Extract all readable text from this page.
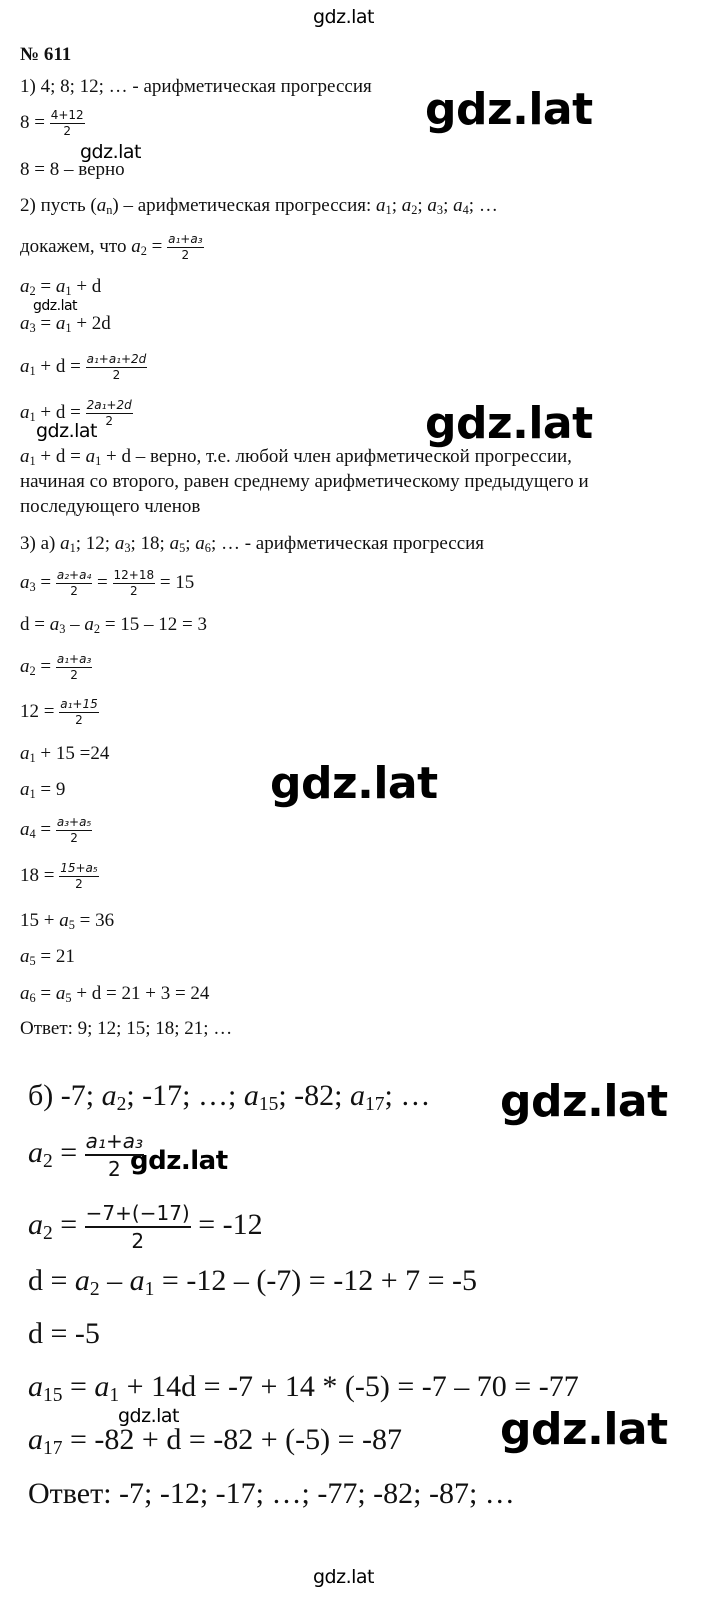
gdz.lat
gdz.lat
gdz.lat
gdz.lat
gdz.lat
gdz.lat
gdz.lat
gdz.lat
gdz.lat
gdz.lat	gdz.lat
gdz.lat
№ 611
1) 4; 8; 12; … - арифметическая прогрессия
$8 = \frac{4+12}{2}$
8 = 8 – верно
2) пусть $(a_n)$ – арифметическая прогрессия: $a_1$; $a_2$; $a_3$; $a_4$; …
докажем, что $a_2 = \frac{\text{a₁+a₃}}{2}$
$a_2 = a_1 + d$
$a_3 = a_1 + 2d$
$a_1 + d = \frac{\text{a₁+a₁+2d}}{2}$
$a_1 + d = \frac{\text{2a₁+2d}}{2}$
$a_1 + d = a_1 + d$ – верно, т.е. любой член арифметической прогрессии,
начиная со второго, равен среднему арифметическому предыдущего и
последующего членов
3) а) $a_1$; 12; $a_3$; 18; $a_5$; $a_6$; … - арифметическая прогрессия
$a_3 = \frac{\text{a₂+a₄}}{2} = \frac{12+18}{2} = 15$
$d = a_3 - a_2 = 15 - 12 = 3$
$a_2 = \frac{\text{a₁+a₃}}{2}$
$12 = \frac{\text{a₁+15}}{2}$
$a_1 + 15 =24$
$a_1 = 9$
$a_4 = \frac{\text{a₃+a₅}}{2}$
$18 = \frac{\text{15+a₅}}{2}$
$15 + a_5 = 36$
$a_5 = 21$
$a_6 = a_5 + d = 21 + 3 = 24$
Ответ: 9; 12; 15; 18; 21; …
б) -7; $a_2$; -17; …; $a_{15}$; -82; $a_{17}$; …
$a_2 = \frac{\text{a₁+a₃}}{2}$
$a_2 = \frac{-7+(-17)}{2} = -12$
$d = a_2 - a_1 = -12 - (-7) = -12 + 7 = -5$
d = -5
$a_{15} = a_1 + 14d = -7 + 14 * (-5) = -7 - 70 = -77$
$a_{17} = -82 + d = -82 + (-5) = -87$
Ответ: -7; -12; -17; …; -77; -82; -87; …
